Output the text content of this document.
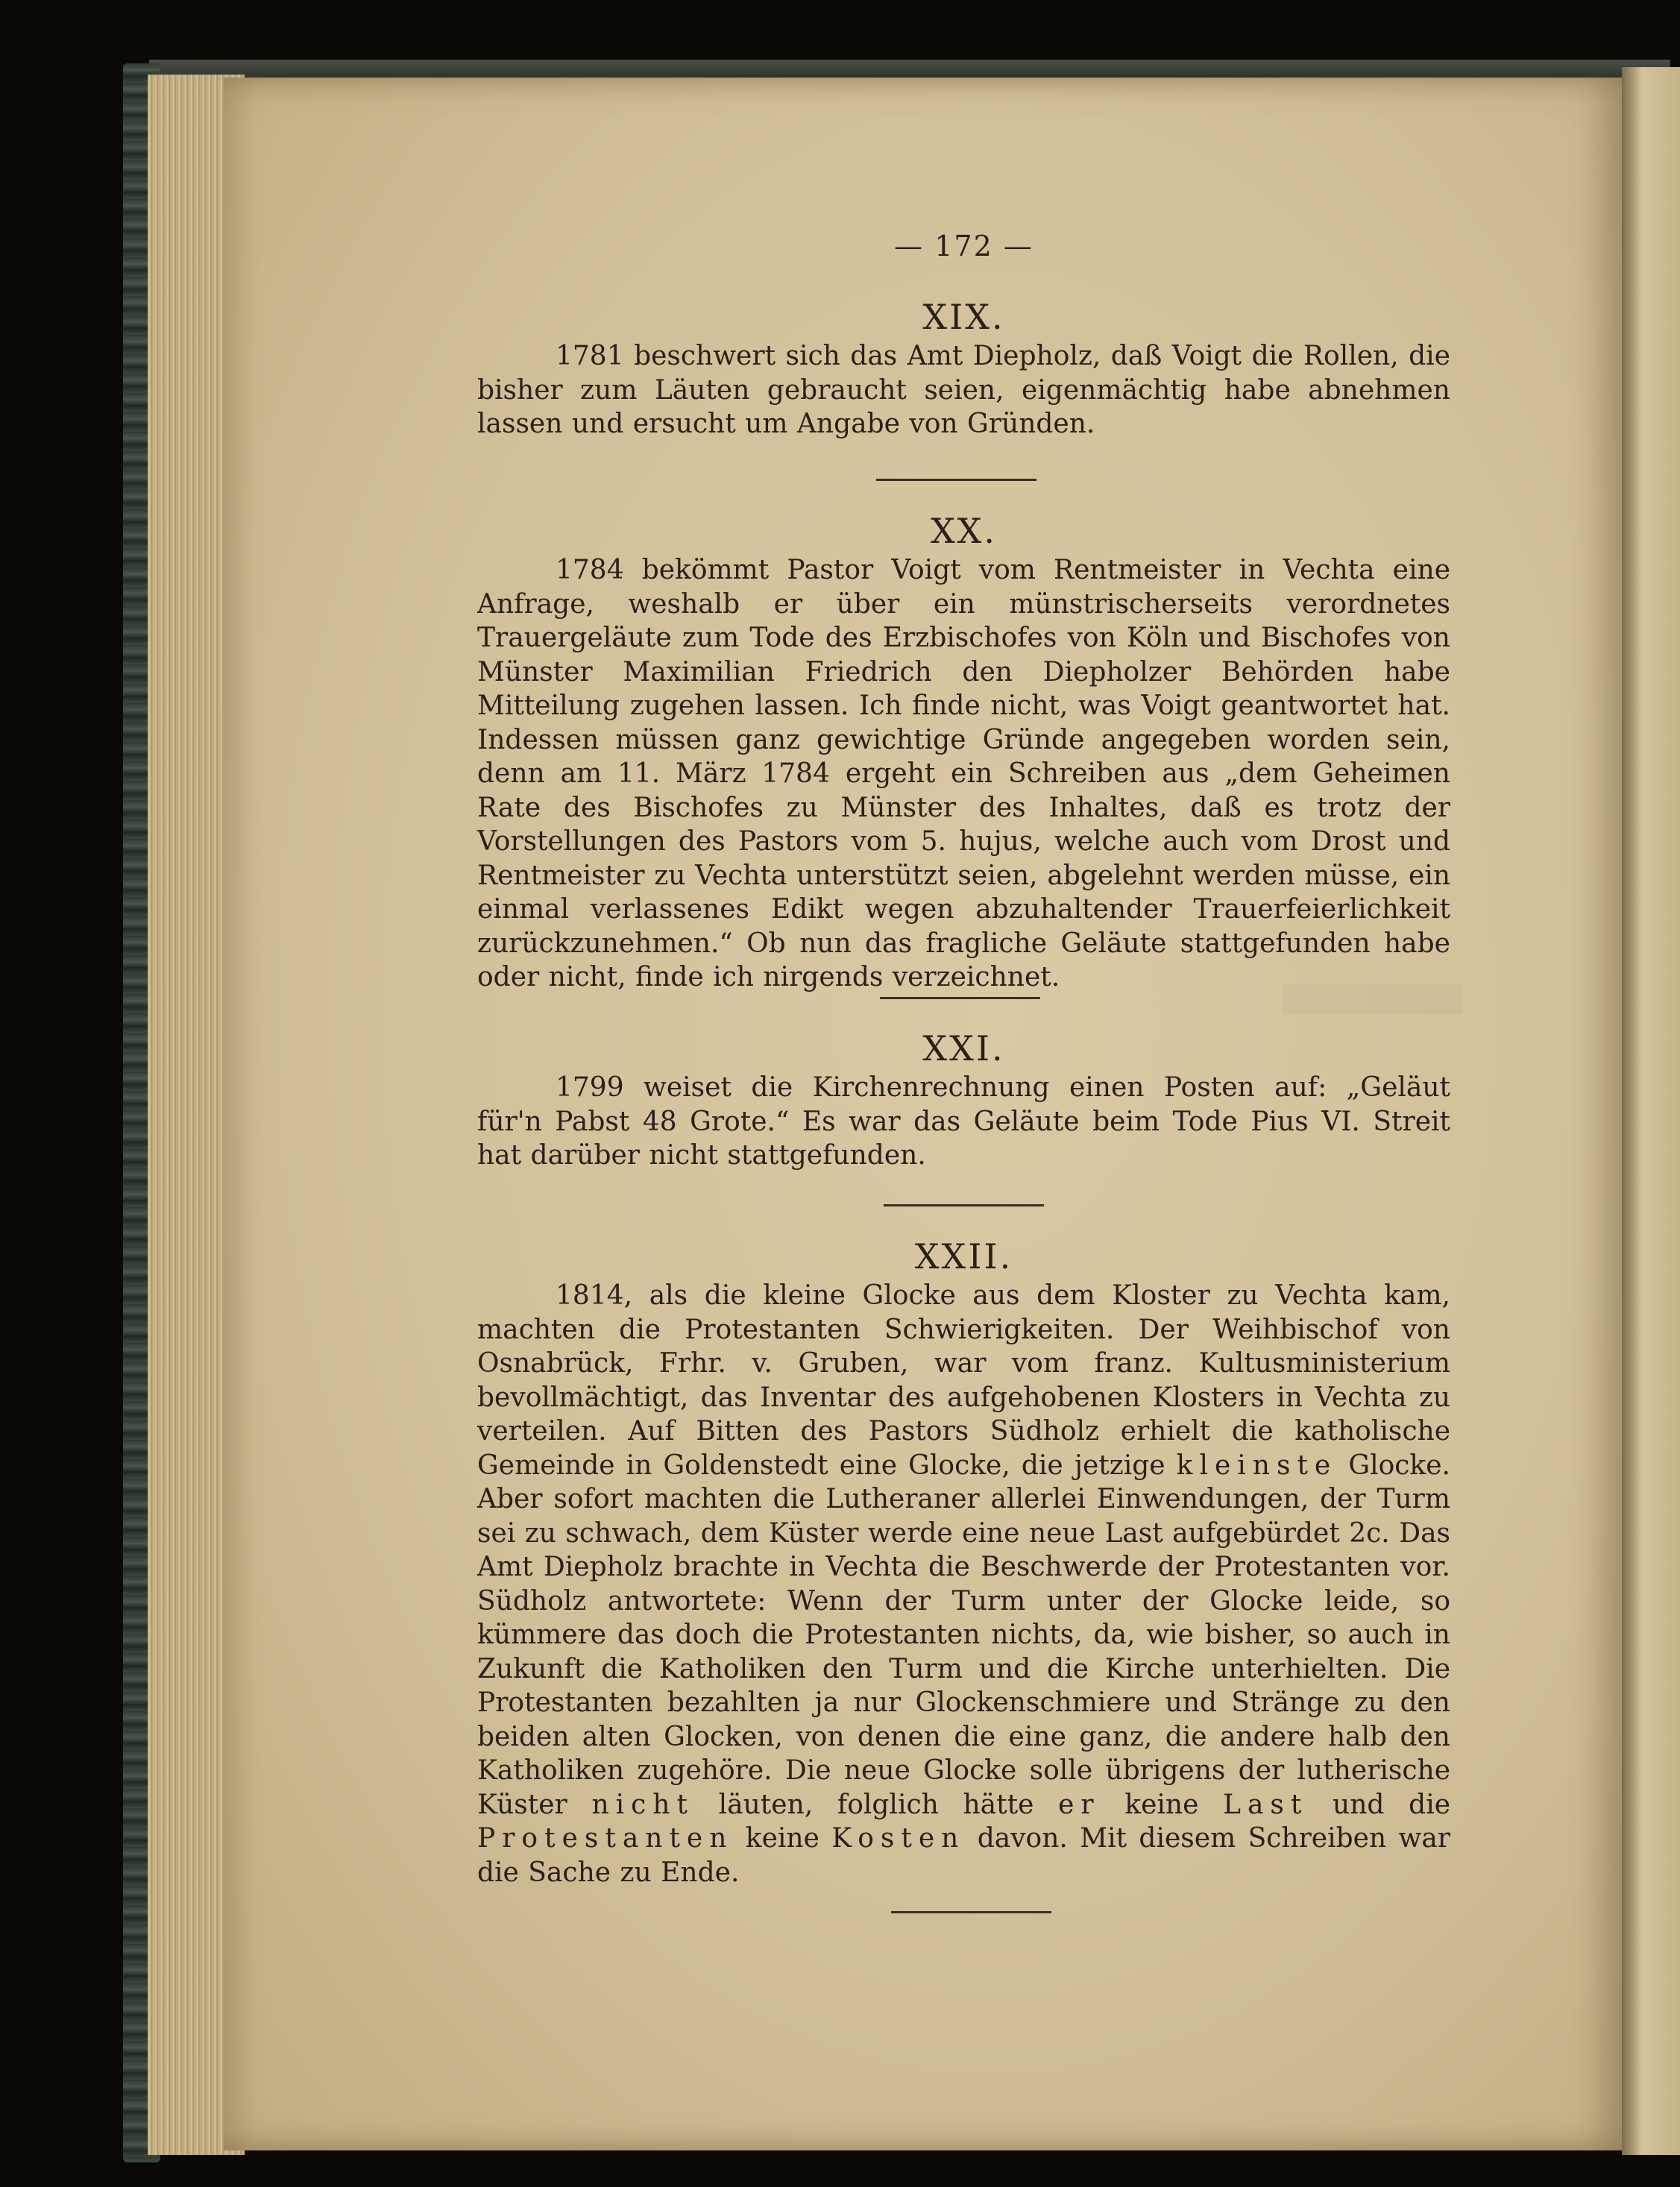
— 172 —
XIX.

1781 beschwert sich das Amt Diepholz, daß Voigt die Rollen, die bisher zum Läuten gebraucht seien, eigenmächtig habe abnehmen lassen und ersucht um Angabe von Gründen.

XX.

1784 bekömmt Pastor Voigt vom Rentmeister in Vechta eine Anfrage, weshalb er über ein münstrischerseits verordnetes Trauergeläute zum Tode des Erzbischofes von Köln und Bischofes von Münster Maximilian Friedrich den Diepholzer Behörden habe Mitteilung zugehen lassen. Ich finde nicht, was Voigt geantwortet hat. Indessen müssen ganz gewichtige Gründe angegeben worden sein, denn am 11. März 1784 ergeht ein Schreiben aus „dem Geheimen Rate des Bischofes zu Münster des Inhaltes, daß es trotz der Vorstellungen des Pastors vom 5. hujus, welche auch vom Drost und Rentmeister zu Vechta unterstützt seien, abgelehnt werden müsse, ein einmal verlassenes Edikt wegen abzuhaltender Trauerfeierlichkeit zurückzunehmen.“ Ob nun das fragliche Geläute stattgefunden habe oder nicht, finde ich nirgends verzeichnet.

XXI.

1799 weiset die Kirchenrechnung einen Posten auf: „Geläut für'n Pabst 48 Grote.“ Es war das Geläute beim Tode Pius VI. Streit hat darüber nicht stattgefunden.

XXII.

1814, als die kleine Glocke aus dem Kloster zu Vechta kam, machten die Protestanten Schwierigkeiten. Der Weihbischof von Osnabrück, Frhr. v. Gruben, war vom franz. Kultusministerium bevollmächtigt, das Inventar des aufgehobenen Klosters in Vechta zu verteilen. Auf Bitten des Pastors Südholz erhielt die katholische Gemeinde in Goldenstedt eine Glocke, die jetzige kleinste Glocke. Aber sofort machten die Lutheraner allerlei Einwendungen, der Turm sei zu schwach, dem Küster werde eine neue Last aufgebürdet 2c. Das Amt Diepholz brachte in Vechta die Beschwerde der Protestanten vor. Südholz antwortete: Wenn der Turm unter der Glocke leide, so kümmere das doch die Protestanten nichts, da, wie bisher, so auch in Zukunft die Katholiken den Turm und die Kirche unterhielten. Die Protestanten bezahlten ja nur Glockenschmiere und Stränge zu den beiden alten Glocken, von denen die eine ganz, die andere halb den Katholiken zugehöre. Die neue Glocke solle übrigens der lutherische Küster nicht läuten, folglich hätte er keine Last und die Protestanten keine Kosten davon. Mit diesem Schreiben war die Sache zu Ende.
